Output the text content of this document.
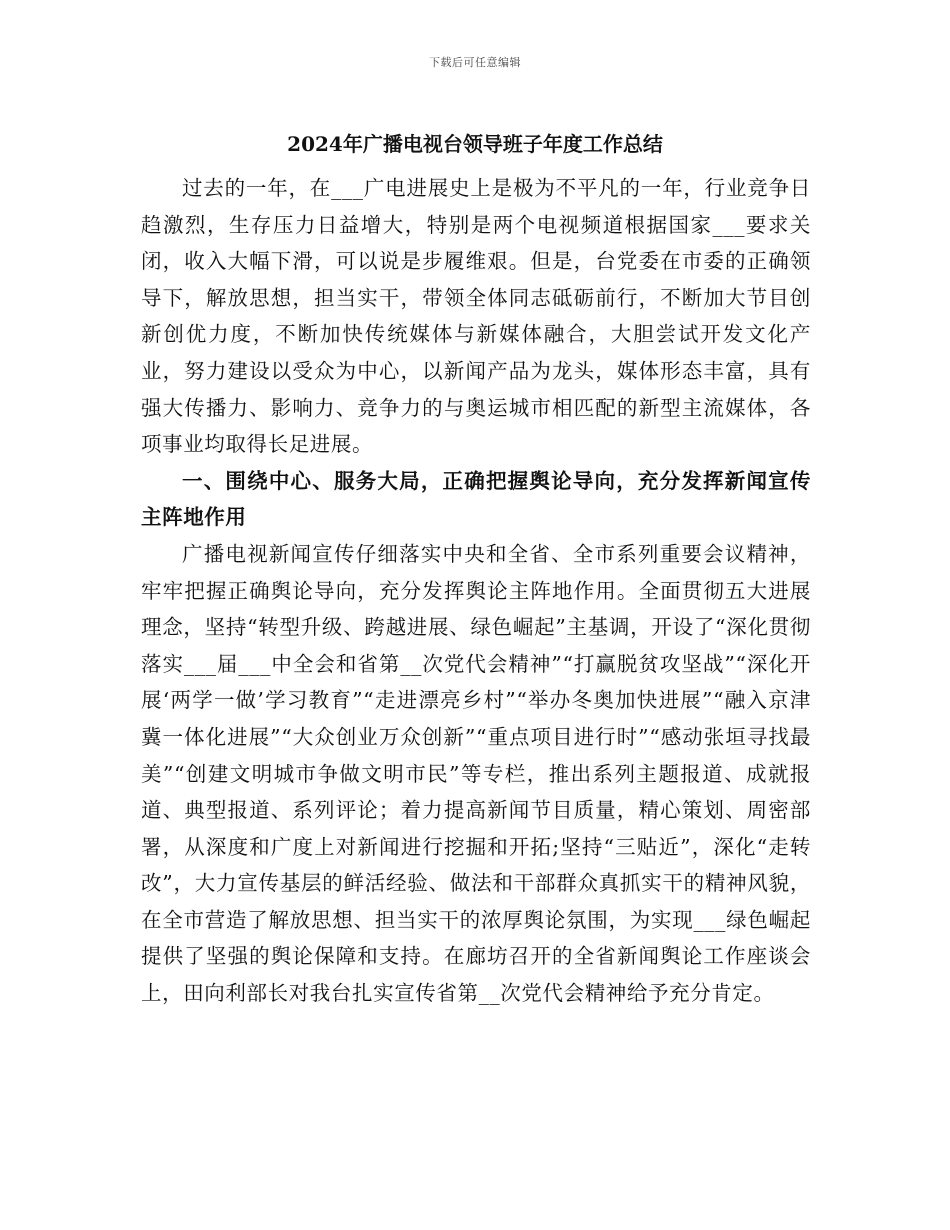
下载后可任意编辑
2024年广播电视台领导班子年度工作总结

过去的一年，在___广电进展史上是极为不平凡的一年，行业竞争日趋激烈，生存压力日益增大，特别是两个电视频道根据国家___要求关闭，收入大幅下滑，可以说是步履维艰。但是，台党委在市委的正确领导下，解放思想，担当实干，带领全体同志砥砺前行，不断加大节目创新创优力度，不断加快传统媒体与新媒体融合，大胆尝试开发文化产业，努力建设以受众为中心，以新闻产品为龙头，媒体形态丰富，具有强大传播力、影响力、竞争力的与奥运城市相匹配的新型主流媒体，各项事业均取得长足进展。

一、围绕中心、服务大局，正确把握舆论导向，充分发挥新闻宣传主阵地作用

广播电视新闻宣传仔细落实中央和全省、全市系列重要会议精神，牢牢把握正确舆论导向，充分发挥舆论主阵地作用。全面贯彻五大进展理念，坚持“转型升级、跨越进展、绿色崛起”主基调，开设了“深化贯彻落实___届___中全会和省第__次党代会精神”“打赢脱贫攻坚战”“深化开展‘两学一做’学习教育”“走进漂亮乡村”“举办冬奥加快进展”“融入京津冀一体化进展”“大众创业万众创新”“重点项目进行时”“感动张垣寻找最美”“创建文明城市争做文明市民”等专栏，推出系列主题报道、成就报道、典型报道、系列评论；着力提高新闻节目质量，精心策划、周密部署，从深度和广度上对新闻进行挖掘和开拓;坚持“三贴近”，深化“走转改”，大力宣传基层的鲜活经验、做法和干部群众真抓实干的精神风貌，在全市营造了解放思想、担当实干的浓厚舆论氛围，为实现___绿色崛起提供了坚强的舆论保障和支持。在廊坊召开的全省新闻舆论工作座谈会上，田向利部长对我台扎实宣传省第__次党代会精神给予充分肯定。
